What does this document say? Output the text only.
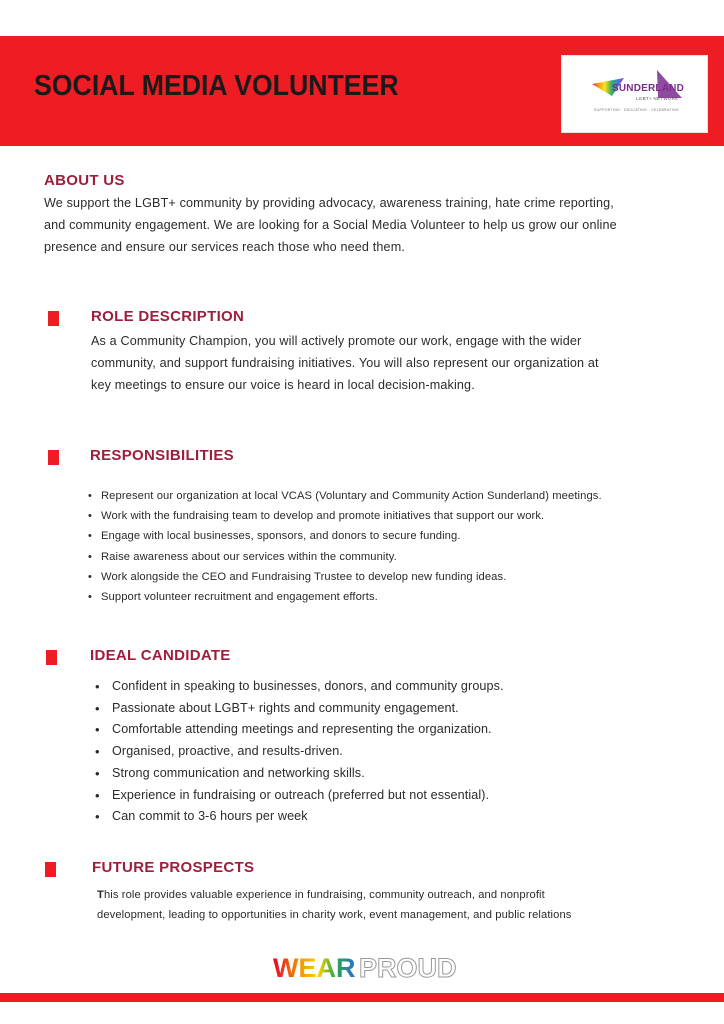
SOCIAL MEDIA VOLUNTEER	SUNDERLAND
LGBT+ NETWORK
SUPPORTING · EDUCATING · CELEBRATING
ABOUT US
We support the LGBT+ community by providing advocacy, awareness training, hate crime reporting,
and community engagement. We are looking for a Social Media Volunteer to help us grow our online
presence and ensure our services reach those who need them.
ROLE DESCRIPTION
As a Community Champion, you will actively promote our work, engage with the wider
community, and support fundraising initiatives. You will also represent our organization at
key meetings to ensure our voice is heard in local decision-making.
RESPONSIBILITIES
• Represent our organization at local VCAS (Voluntary and Community Action Sunderland) meetings.
• Work with the fundraising team to develop and promote initiatives that support our work.
• Engage with local businesses, sponsors, and donors to secure funding.
• Raise awareness about our services within the community.
• Work alongside the CEO and Fundraising Trustee to develop new funding ideas.
• Support volunteer recruitment and engagement efforts.
IDEAL CANDIDATE
• Confident in speaking to businesses, donors, and community groups.
• Passionate about LGBT+ rights and community engagement.
• Comfortable attending meetings and representing the organization.
• Organised, proactive, and results-driven.
• Strong communication and networking skills.
• Experience in fundraising or outreach (preferred but not essential).
• Can commit to 3-6 hours per week
FUTURE PROSPECTS
This role provides valuable experience in fundraising, community outreach, and nonprofit
development, leading to opportunities in charity work, event management, and public relations
WEAR PROUD
